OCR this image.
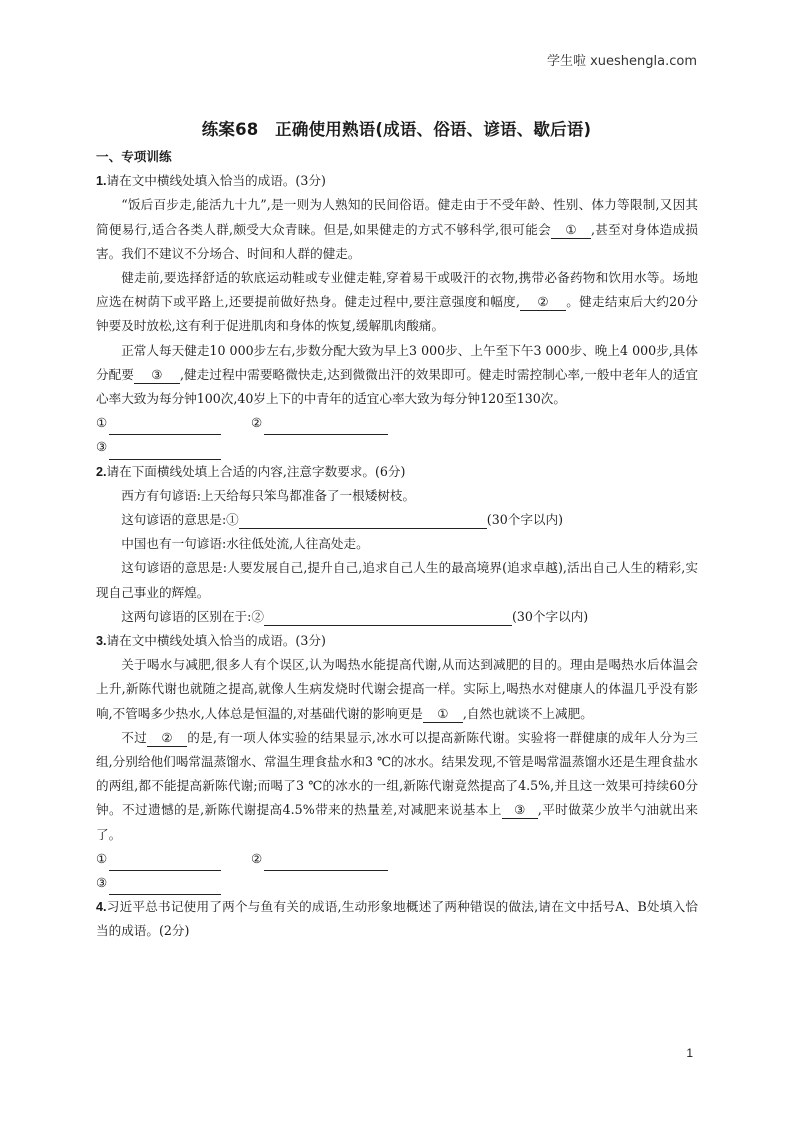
学生啦 xueshengla.com
练案68　正确使用熟语(成语、俗语、谚语、歇后语)
一、专项训练

1.请在文中横线处填入恰当的成语。(3分)

“饭后百步走,能活九十九”,是一则为人熟知的民间俗语。健走由于不受年龄、性别、体力等限制,又因其简便易行,适合各类人群,颇受大众青睐。但是,如果健走的方式不够科学,很可能会 ① ,甚至对身体造成损害。我们不建议不分场合、时间和人群的健走。

健走前,要选择舒适的软底运动鞋或专业健走鞋,穿着易干或吸汗的衣物,携带必备药物和饮用水等。场地应选在树荫下或平路上,还要提前做好热身。健走过程中,要注意强度和幅度, ② 。健走结束后大约20分钟要及时放松,这有利于促进肌肉和身体的恢复,缓解肌肉酸痛。

正常人每天健走10 000步左右,步数分配大致为早上3 000步、上午至下午3 000步、晚上4 000步,具体分配要 ③ ,健走过程中需要略微快走,达到微微出汗的效果即可。健走时需控制心率,一般中老年人的适宜心率大致为每分钟100次,40岁上下的中青年的适宜心率大致为每分钟120至130次。

①	②
③

2.请在下面横线处填上合适的内容,注意字数要求。(6分)

西方有句谚语:上天给每只笨鸟都准备了一根矮树枝。

这句谚语的意思是:①	(30个字以内)

中国也有一句谚语:水往低处流,人往高处走。

这句谚语的意思是:人要发展自己,提升自己,追求自己人生的最高境界(追求卓越),活出自己人生的精彩,实现自己事业的辉煌。

这两句谚语的区别在于:②	(30个字以内)

3.请在文中横线处填入恰当的成语。(3分)

关于喝水与减肥,很多人有个误区,认为喝热水能提高代谢,从而达到减肥的目的。理由是喝热水后体温会上升,新陈代谢也就随之提高,就像人生病发烧时代谢会提高一样。实际上,喝热水对健康人的体温几乎没有影响,不管喝多少热水,人体总是恒温的,对基础代谢的影响更是 ① ,自然也就谈不上减肥。

不过 ② 的是,有一项人体实验的结果显示,冰水可以提高新陈代谢。实验将一群健康的成年人分为三组,分别给他们喝常温蒸馏水、常温生理食盐水和3 ℃的冰水。结果发现,不管是喝常温蒸馏水还是生理食盐水的两组,都不能提高新陈代谢;而喝了3 ℃的冰水的一组,新陈代谢竟然提高了4.5%,并且这一效果可持续60分钟。不过遗憾的是,新陈代谢提高4.5%带来的热量差,对减肥来说基本上 ③ ,平时做菜少放半勺油就出来了。

①	②
③

4.习近平总书记使用了两个与鱼有关的成语,生动形象地概述了两种错误的做法,请在文中括号A、B处填入恰当的成语。(2分)

1
